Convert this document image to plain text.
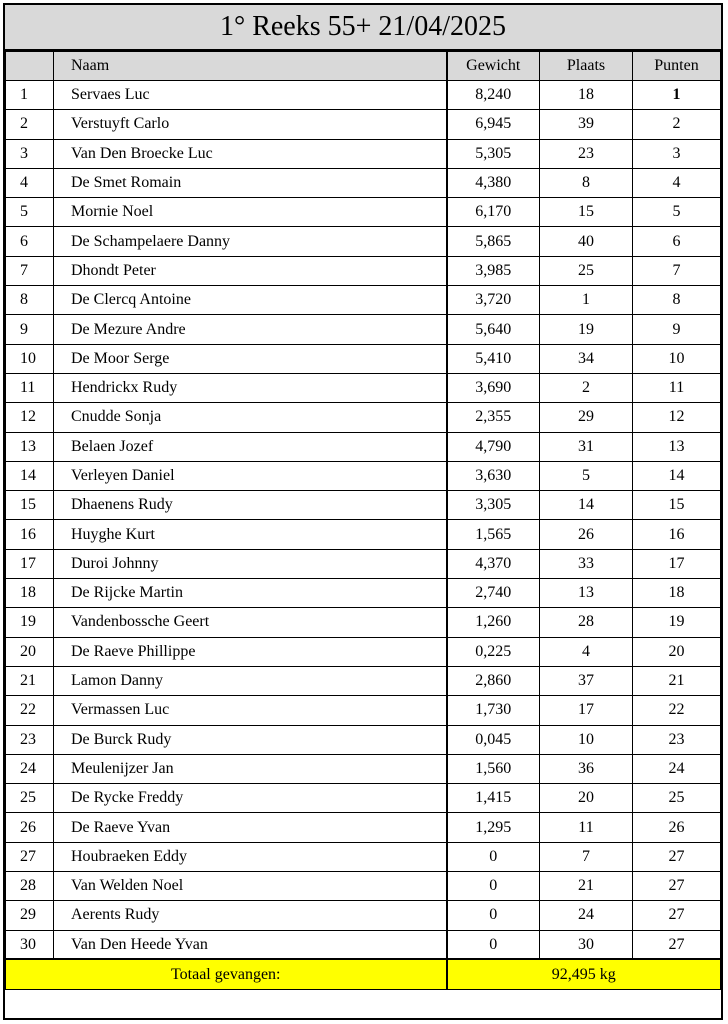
1° Reeks 55+ 21/04/2025
	Naam	Gewicht	Plaats	Punten
1	Servaes Luc	8,240	18	1
2	Verstuyft Carlo	6,945	39	2
3	Van Den Broecke Luc	5,305	23	3
4	De Smet Romain	4,380	8	4
5	Mornie Noel	6,170	15	5
6	De Schampelaere Danny	5,865	40	6
7	Dhondt Peter	3,985	25	7
8	De Clercq Antoine	3,720	1	8
9	De Mezure Andre	5,640	19	9
10	De Moor Serge	5,410	34	10
11	Hendrickx Rudy	3,690	2	11
12	Cnudde Sonja	2,355	29	12
13	Belaen Jozef	4,790	31	13
14	Verleyen Daniel	3,630	5	14
15	Dhaenens Rudy	3,305	14	15
16	Huyghe Kurt	1,565	26	16
17	Duroi Johnny	4,370	33	17
18	De Rijcke Martin	2,740	13	18
19	Vandenbossche Geert	1,260	28	19
20	De Raeve Phillippe	0,225	4	20
21	Lamon Danny	2,860	37	21
22	Vermassen Luc	1,730	17	22
23	De Burck Rudy	0,045	10	23
24	Meulenijzer Jan	1,560	36	24
25	De Rycke Freddy	1,415	20	25
26	De Raeve Yvan	1,295	11	26
27	Houbraeken Eddy	0	7	27
28	Van Welden Noel	0	21	27
29	Aerents Rudy	0	24	27
30	Van Den Heede Yvan	0	30	27
Totaal gevangen:		92,495 kg		
